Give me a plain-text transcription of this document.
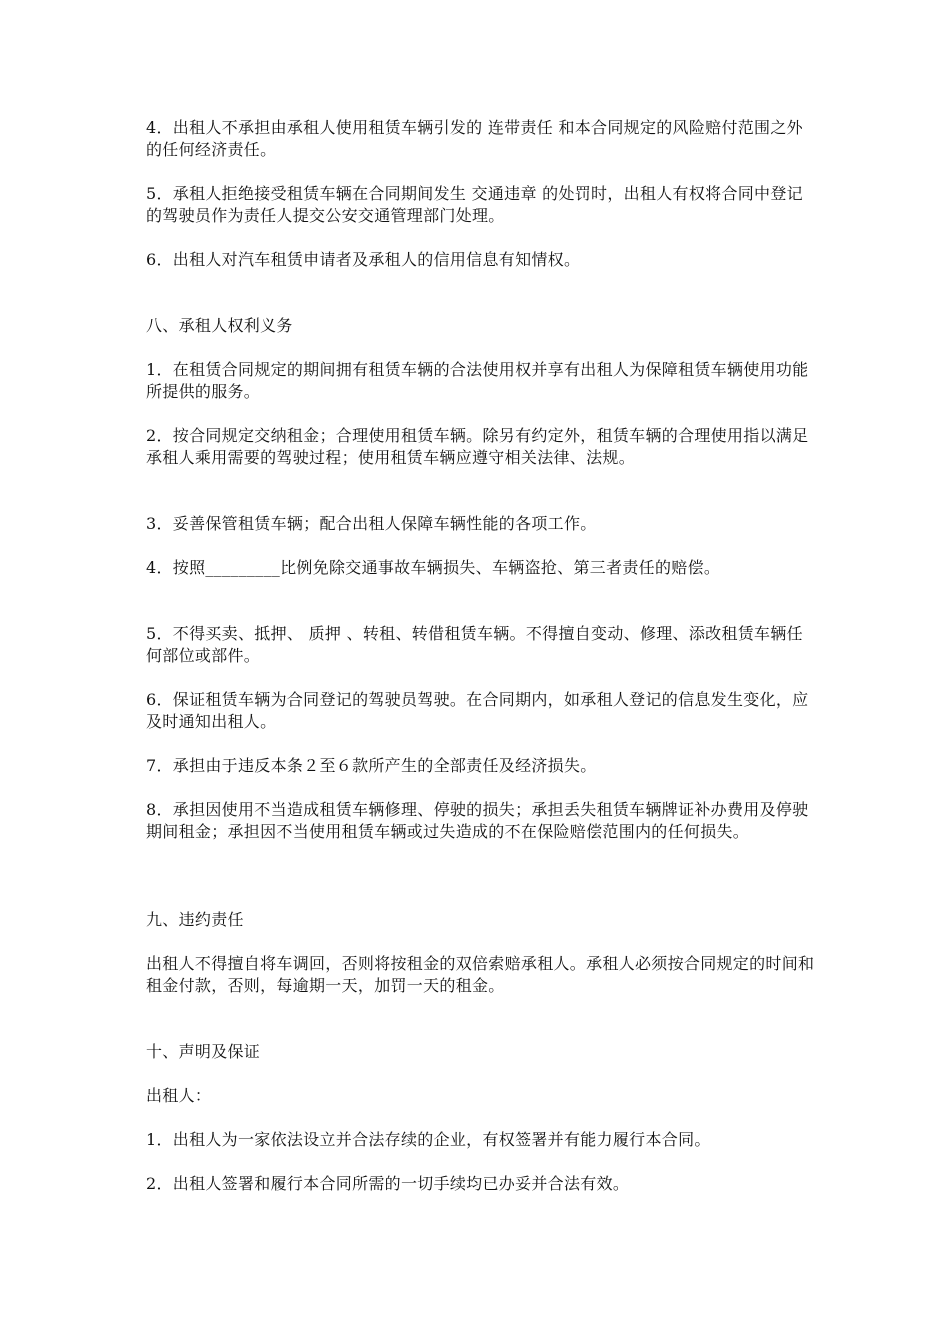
4．出租人不承担由承租人使用租赁车辆引发的 连带责任 和本合同规定的风险赔付范围之外的任何经济责任。

5．承租人拒绝接受租赁车辆在合同期间发生 交通违章 的处罚时，出租人有权将合同中登记的驾驶员作为责任人提交公安交通管理部门处理。

6．出租人对汽车租赁申请者及承租人的信用信息有知情权。

八、承租人权利义务

1．在租赁合同规定的期间拥有租赁车辆的合法使用权并享有出租人为保障租赁车辆使用功能所提供的服务。

2．按合同规定交纳租金；合理使用租赁车辆。除另有约定外，租赁车辆的合理使用指以满足承租人乘用需要的驾驶过程；使用租赁车辆应遵守相关法律、法规。

3．妥善保管租赁车辆；配合出租人保障车辆性能的各项工作。

4．按照_________比例免除交通事故车辆损失、车辆盗抢、第三者责任的赔偿。

5．不得买卖、抵押、 质押 、转租、转借租赁车辆。不得擅自变动、修理、添改租赁车辆任何部位或部件。

6．保证租赁车辆为合同登记的驾驶员驾驶。在合同期内，如承租人登记的信息发生变化，应及时通知出租人。

7．承担由于违反本条２至６款所产生的全部责任及经济损失。

8．承担因使用不当造成租赁车辆修理、停驶的损失；承担丢失租赁车辆牌证补办费用及停驶期间租金；承担因不当使用租赁车辆或过失造成的不在保险赔偿范围内的任何损失。

九、违约责任

出租人不得擅自将车调回，否则将按租金的双倍索赔承租人。承租人必须按合同规定的时间和租金付款，否则，每逾期一天，加罚一天的租金。

十、声明及保证

出租人：

1．出租人为一家依法设立并合法存续的企业，有权签署并有能力履行本合同。

2．出租人签署和履行本合同所需的一切手续均已办妥并合法有效。
